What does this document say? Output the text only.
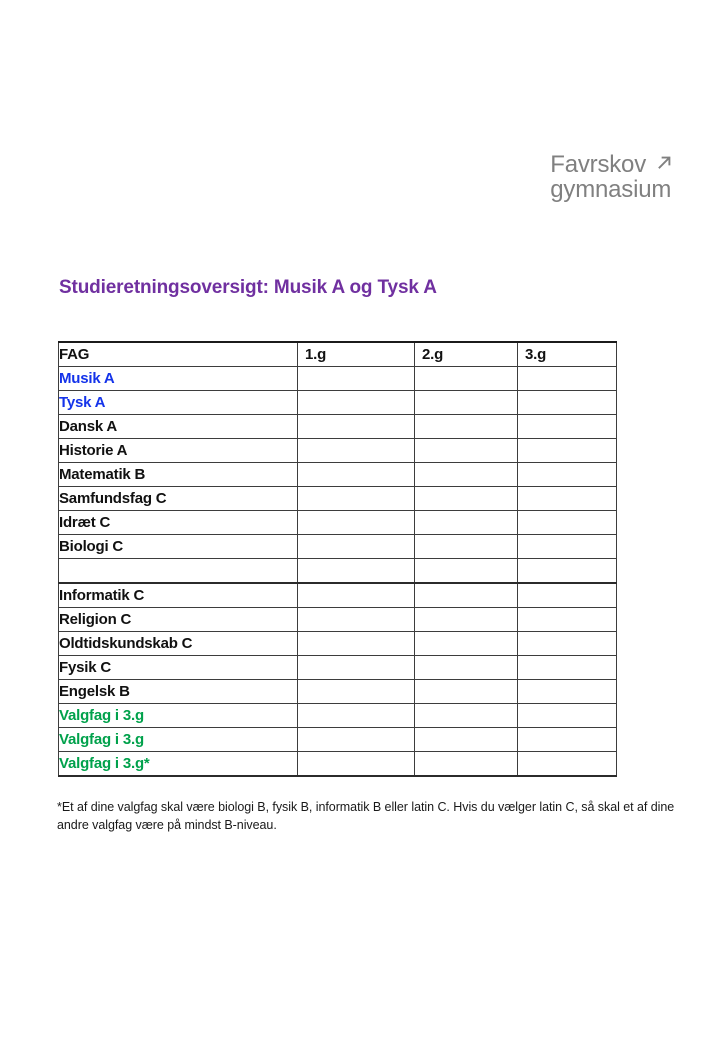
Favrskov
gymnasium
Studieretningsoversigt: Musik A og Tysk A
FAG	1.g	2.g	3.g
Musik A			
Tysk A			
Dansk A			
Historie A			
Matematik B			
Samfundsfag C			
Idræt C			
Biologi C			

Informatik C			
Religion C			
Oldtidskundskab C			
Fysik C			
Engelsk B			
Valgfag i 3.g			
Valgfag i 3.g			
Valgfag i 3.g*			
*Et af dine valgfag skal være biologi B, fysik B, informatik B eller latin C. Hvis du vælger latin C, så skal et af dine andre valgfag være på mindst B-niveau.
